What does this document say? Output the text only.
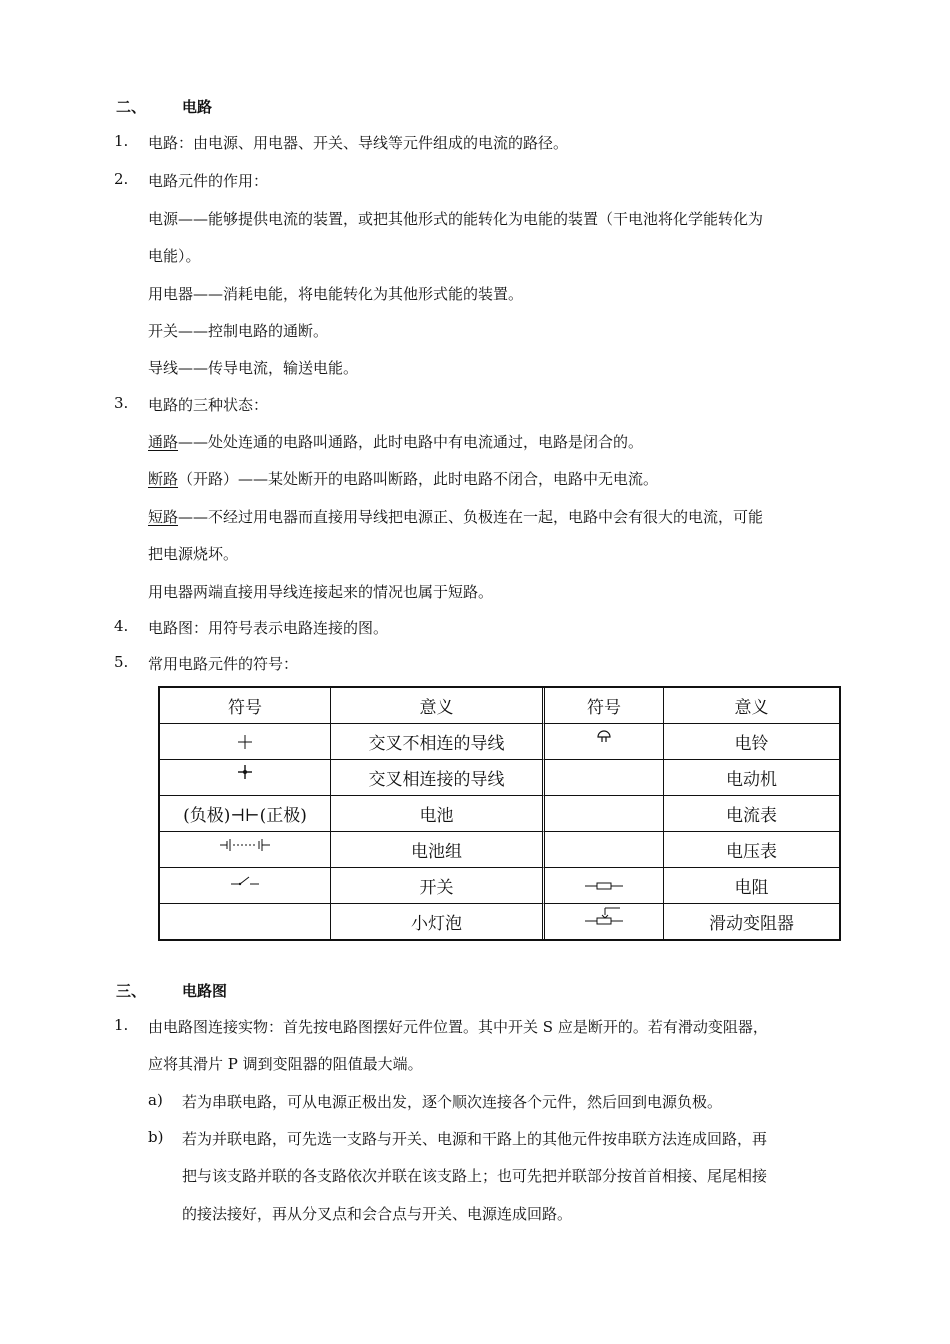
二、 电路
1. 电路：由电源、用电器、开关、导线等元件组成的电流的路径。
2. 电路元件的作用：
电源——能够提供电流的装置，或把其他形式的能转化为电能的装置（干电池将化学能转化为
电能）。
用电器——消耗电能，将电能转化为其他形式能的装置。
开关——控制电路的通断。
导线——传导电流，输送电能。
3. 电路的三种状态：
通路——处处连通的电路叫通路，此时电路中有电流通过，电路是闭合的。
断路（开路）——某处断开的电路叫断路，此时电路不闭合，电路中无电流。
短路——不经过用电器而直接用导线把电源正、负极连在一起，电路中会有很大的电流，可能
把电源烧坏。
用电器两端直接用导线连接起来的情况也属于短路。
4. 电路图：用符号表示电路连接的图。
5. 常用电路元件的符号：
符号	意义	符号	意义
	交叉不相连的导线		电铃
	交叉相连接的导线		电动机
(负极)⊣⊢(正极)	电池		电流表
	电池组		电压表
	开关		电阻
	小灯泡		滑动变阻器
三、 电路图
1. 由电路图连接实物：首先按电路图摆好元件位置。其中开关 S 应是断开的。若有滑动变阻器，
应将其滑片 P 调到变阻器的阻值最大端。
a) 若为串联电路，可从电源正极出发，逐个顺次连接各个元件，然后回到电源负极。
b) 若为并联电路，可先选一支路与开关、电源和干路上的其他元件按串联方法连成回路，再
把与该支路并联的各支路依次并联在该支路上；也可先把并联部分按首首相接、尾尾相接
的接法接好，再从分叉点和会合点与开关、电源连成回路。
